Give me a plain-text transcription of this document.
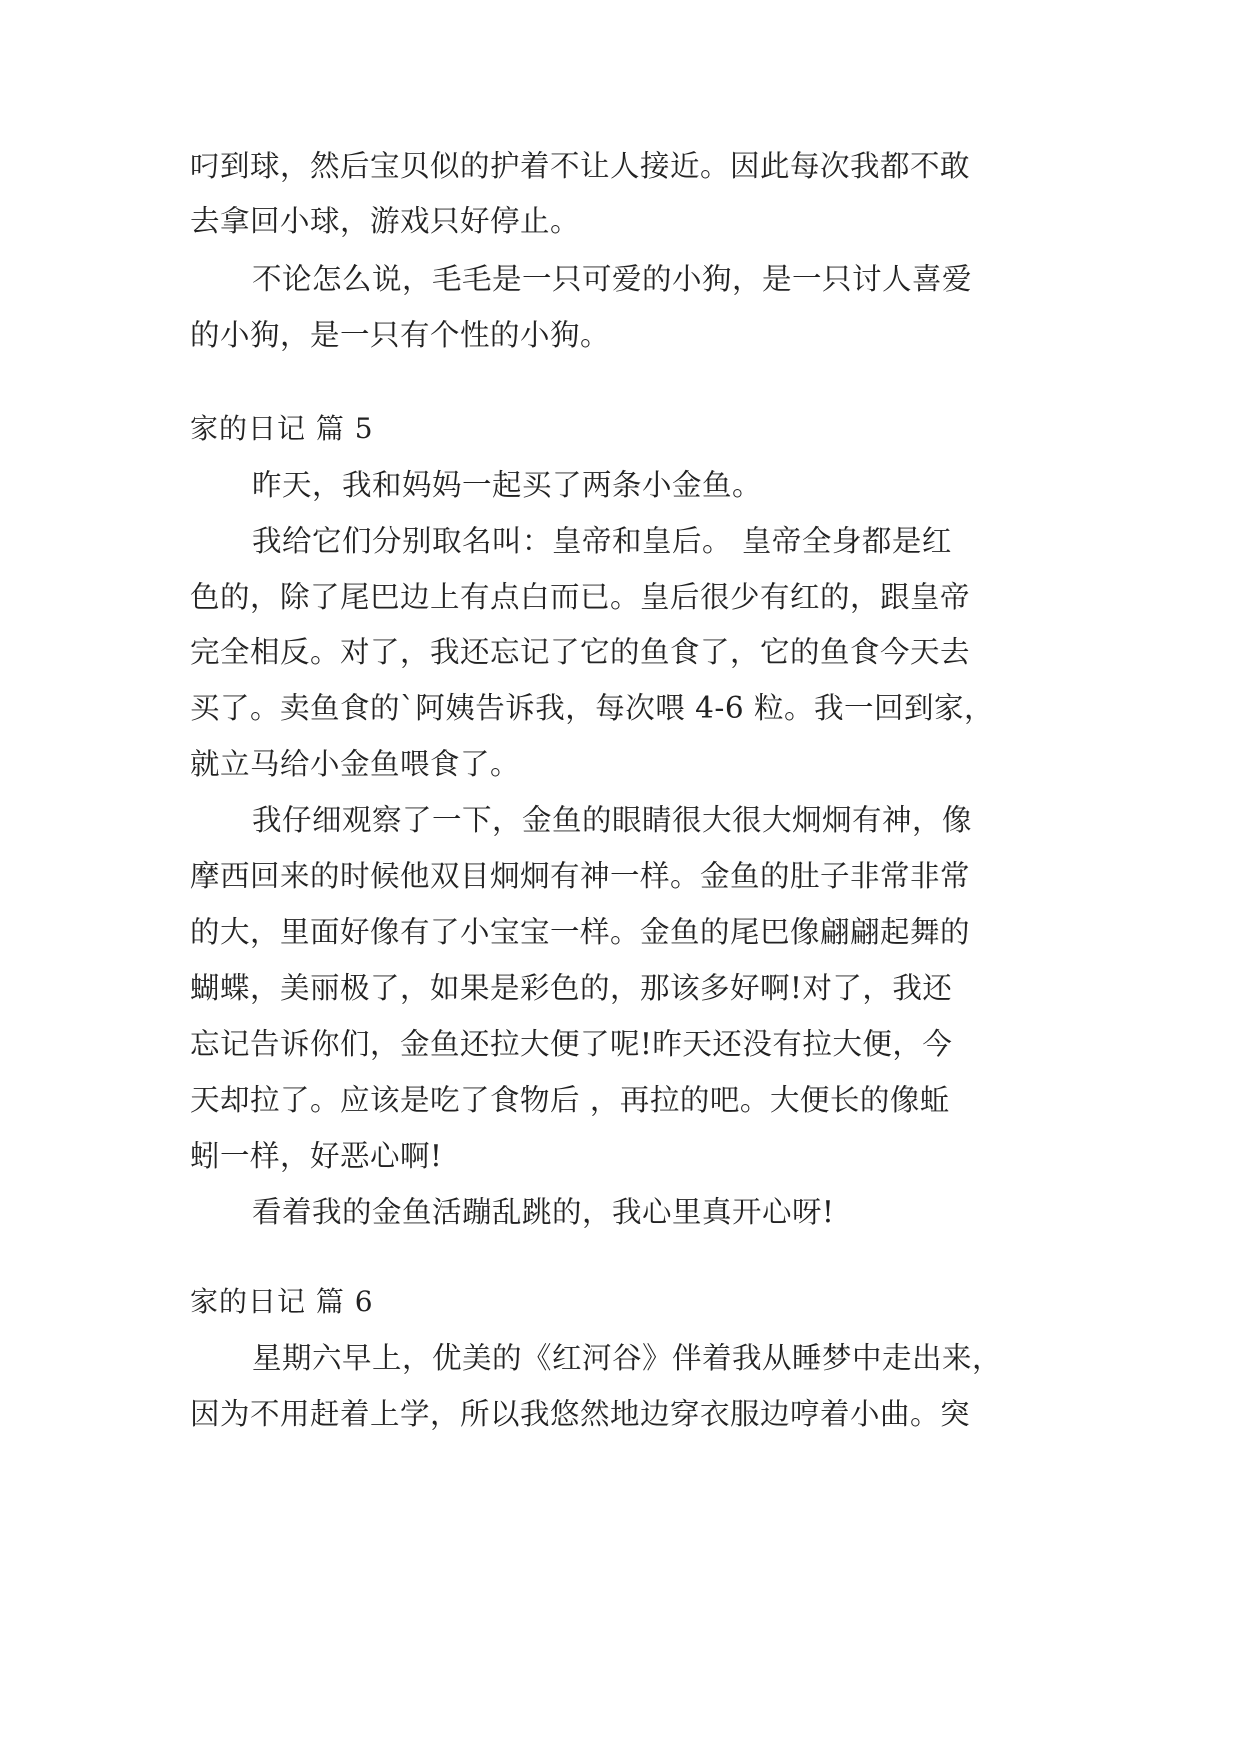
叼到球，然后宝贝似的护着不让人接近。因此每次我都不敢
去拿回小球，游戏只好停止。
不论怎么说，毛毛是一只可爱的小狗，是一只讨人喜爱
的小狗，是一只有个性的小狗。
家的日记 篇 5
昨天，我和妈妈一起买了两条小金鱼。
我给它们分别取名叫：皇帝和皇后。 皇帝全身都是红
色的，除了尾巴边上有点白而已。皇后很少有红的，跟皇帝
完全相反。对了，我还忘记了它的鱼食了，它的鱼食今天去
买了。卖鱼食的`阿姨告诉我，每次喂 4-6 粒。我一回到家，
就立马给小金鱼喂食了。
我仔细观察了一下，金鱼的眼睛很大很大炯炯有神，像
摩西回来的时候他双目炯炯有神一样。金鱼的肚子非常非常
的大，里面好像有了小宝宝一样。金鱼的尾巴像翩翩起舞的
蝴蝶，美丽极了，如果是彩色的，那该多好啊!对了，我还
忘记告诉你们，金鱼还拉大便了呢!昨天还没有拉大便，今
天却拉了。应该是吃了食物后 ，再拉的吧。大便长的像蚯
蚓一样，好恶心啊!
看着我的金鱼活蹦乱跳的，我心里真开心呀!
家的日记 篇 6
星期六早上，优美的《红河谷》伴着我从睡梦中走出来，
因为不用赶着上学，所以我悠然地边穿衣服边哼着小曲。突
